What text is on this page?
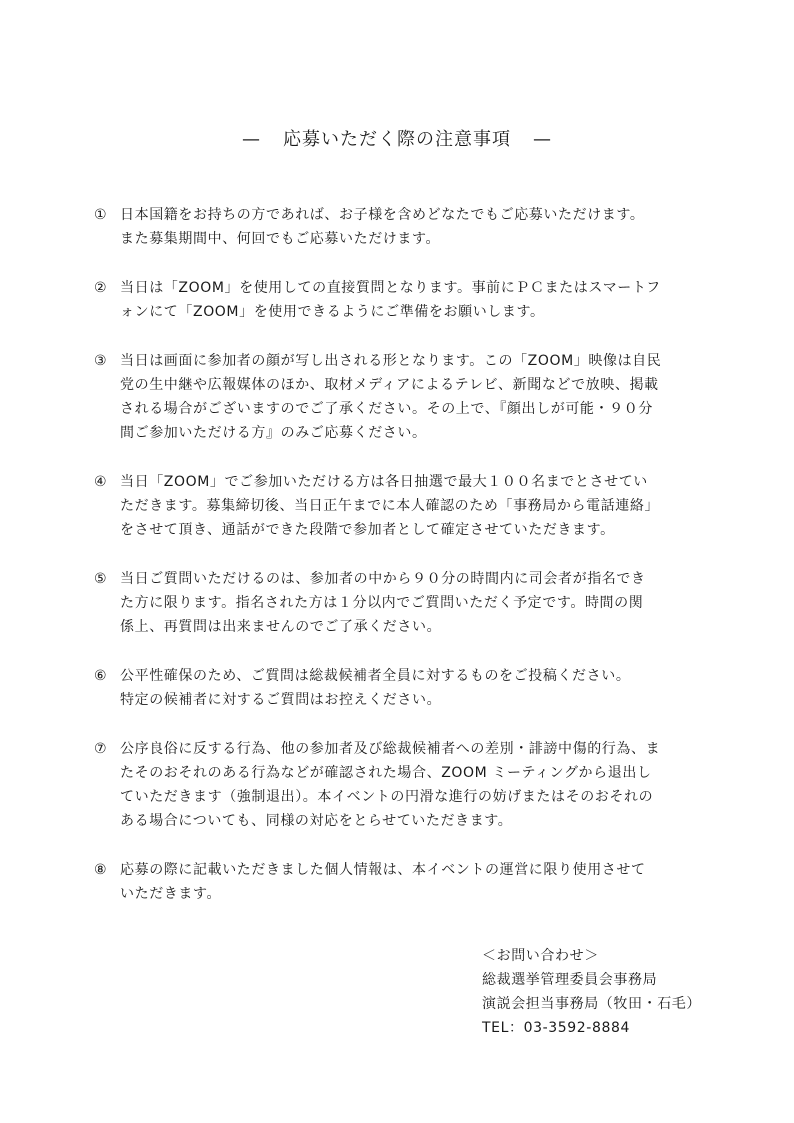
— 応募いただく際の注意事項 —
① 日本国籍をお持ちの方であれば、お子様を含めどなたでもご応募いただけます。
また募集期間中、何回でもご応募いただけます。
② 当日は「ZOOM」を使用しての直接質問となります。事前にＰＣまたはスマートフ
ォンにて「ZOOM」を使用できるようにご準備をお願いします。
③ 当日は画面に参加者の顔が写し出される形となります。この「ZOOM」映像は自民
党の生中継や広報媒体のほか、取材メディアによるテレビ、新聞などで放映、掲載
される場合がございますのでご了承ください。その上で、『顔出しが可能・９０分
間ご参加いただける方』のみご応募ください。
④ 当日「ZOOM」でご参加いただける方は各日抽選で最大１００名までとさせてい
ただきます。募集締切後、当日正午までに本人確認のため「事務局から電話連絡」
をさせて頂き、通話ができた段階で参加者として確定させていただきます。
⑤ 当日ご質問いただけるのは、参加者の中から９０分の時間内に司会者が指名でき
た方に限ります。指名された方は１分以内でご質問いただく予定です。時間の関
係上、再質問は出来ませんのでご了承ください。
⑥ 公平性確保のため、ご質問は総裁候補者全員に対するものをご投稿ください。
特定の候補者に対するご質問はお控えください。
⑦ 公序良俗に反する行為、他の参加者及び総裁候補者への差別・誹謗中傷的行為、ま
たそのおそれのある行為などが確認された場合、ZOOM ミーティングから退出し
ていただきます（強制退出）。本イベントの円滑な進行の妨げまたはそのおそれの
ある場合についても、同様の対応をとらせていただきます。
⑧ 応募の際に記載いただきました個人情報は、本イベントの運営に限り使用させて
いただきます。
＜お問い合わせ＞
総裁選挙管理委員会事務局
演説会担当事務局（牧田・石毛）
TEL：03-3592-8884
